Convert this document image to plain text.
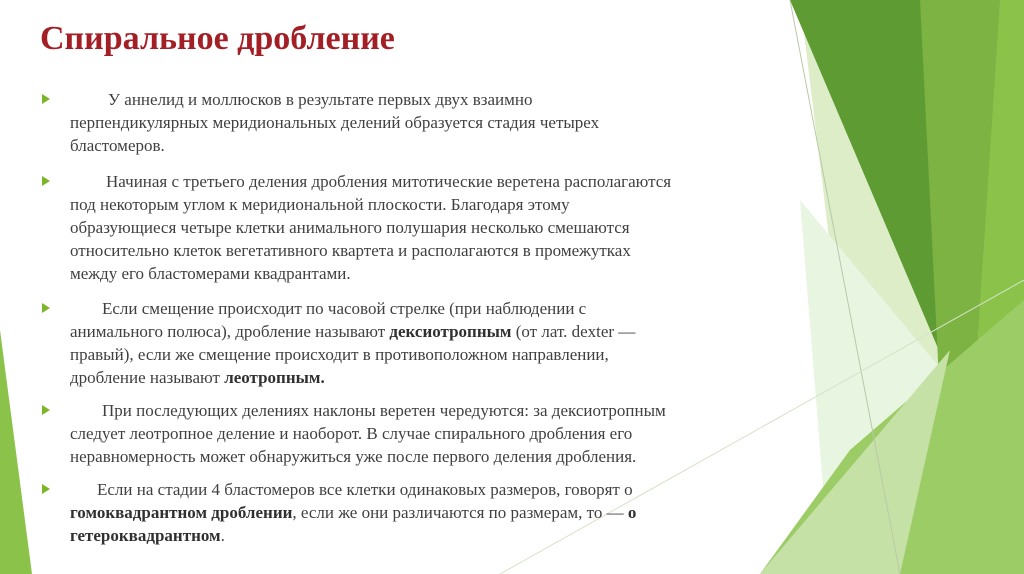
Спиральное дробление
У аннелид и моллюсков в результате первых двух взаимно
перпендикулярных меридиональных делений образуется стадия четырех
бластомеров.
Начиная с третьего деления дробления митотические веретена располагаются
под некоторым углом к меридиональной плоскости. Благодаря этому
образующиеся четыре клетки анимального полушария несколько смешаются
относительно клеток вегетативного квартета и располагаются в промежутках
между его бластомерами квадрантами.
Если смещение происходит по часовой стрелке (при наблюдении с
анимального полюса), дробление называют дексиотропным (от лат. dexter —
правый), если же смещение происходит в противоположном направлении,
дробление называют леотропным.
При последующих делениях наклоны веретен чередуются: за дексиотропным
следует леотропное деление и наоборот. В случае спирального дробления его
неравномерность может обнаружиться уже после первого деления дробления.
Если на стадии 4 бластомеров все клетки одинаковых размеров, говорят о
гомоквадрантном дроблении, если же они различаются по размерам, то — о
гетероквадрантном.
